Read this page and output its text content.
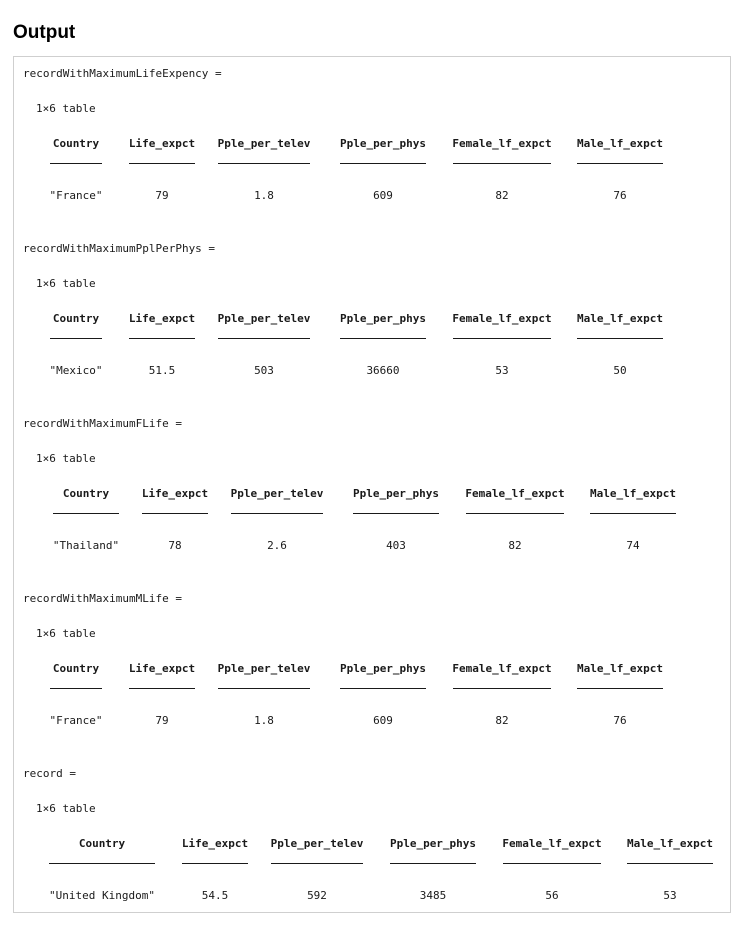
Output
recordWithMaximumLifeExpency =
1×6 table
Country	Life_expct Pple_per_telev	Pple_per_phys Female_lf_expct Male_lf_expct
"France"	79	1.8	609	82	76
recordWithMaximumPplPerPhys =
1×6 table
Country	Life_expct Pple_per_telev	Pple_per_phys Female_lf_expct Male_lf_expct
"Mexico"	51.5	503	36660	53	50
recordWithMaximumFLife =
1×6 table
Country	Life_expct Pple_per_telev	Pple_per_phys Female_lf_expct Male_lf_expct
"Thailand"	78	2.6	403	82	74
recordWithMaximumMLife =
1×6 table
Country	Life_expct Pple_per_telev	Pple_per_phys Female_lf_expct Male_lf_expct
"France"	79	1.8	609	82	76
record =
1×6 table
Country	Life_expct Pple_per_telev Pple_per_phys Female_lf_expct Male_lf_expct
"United Kingdom"	54.5	592	3485	56	53
